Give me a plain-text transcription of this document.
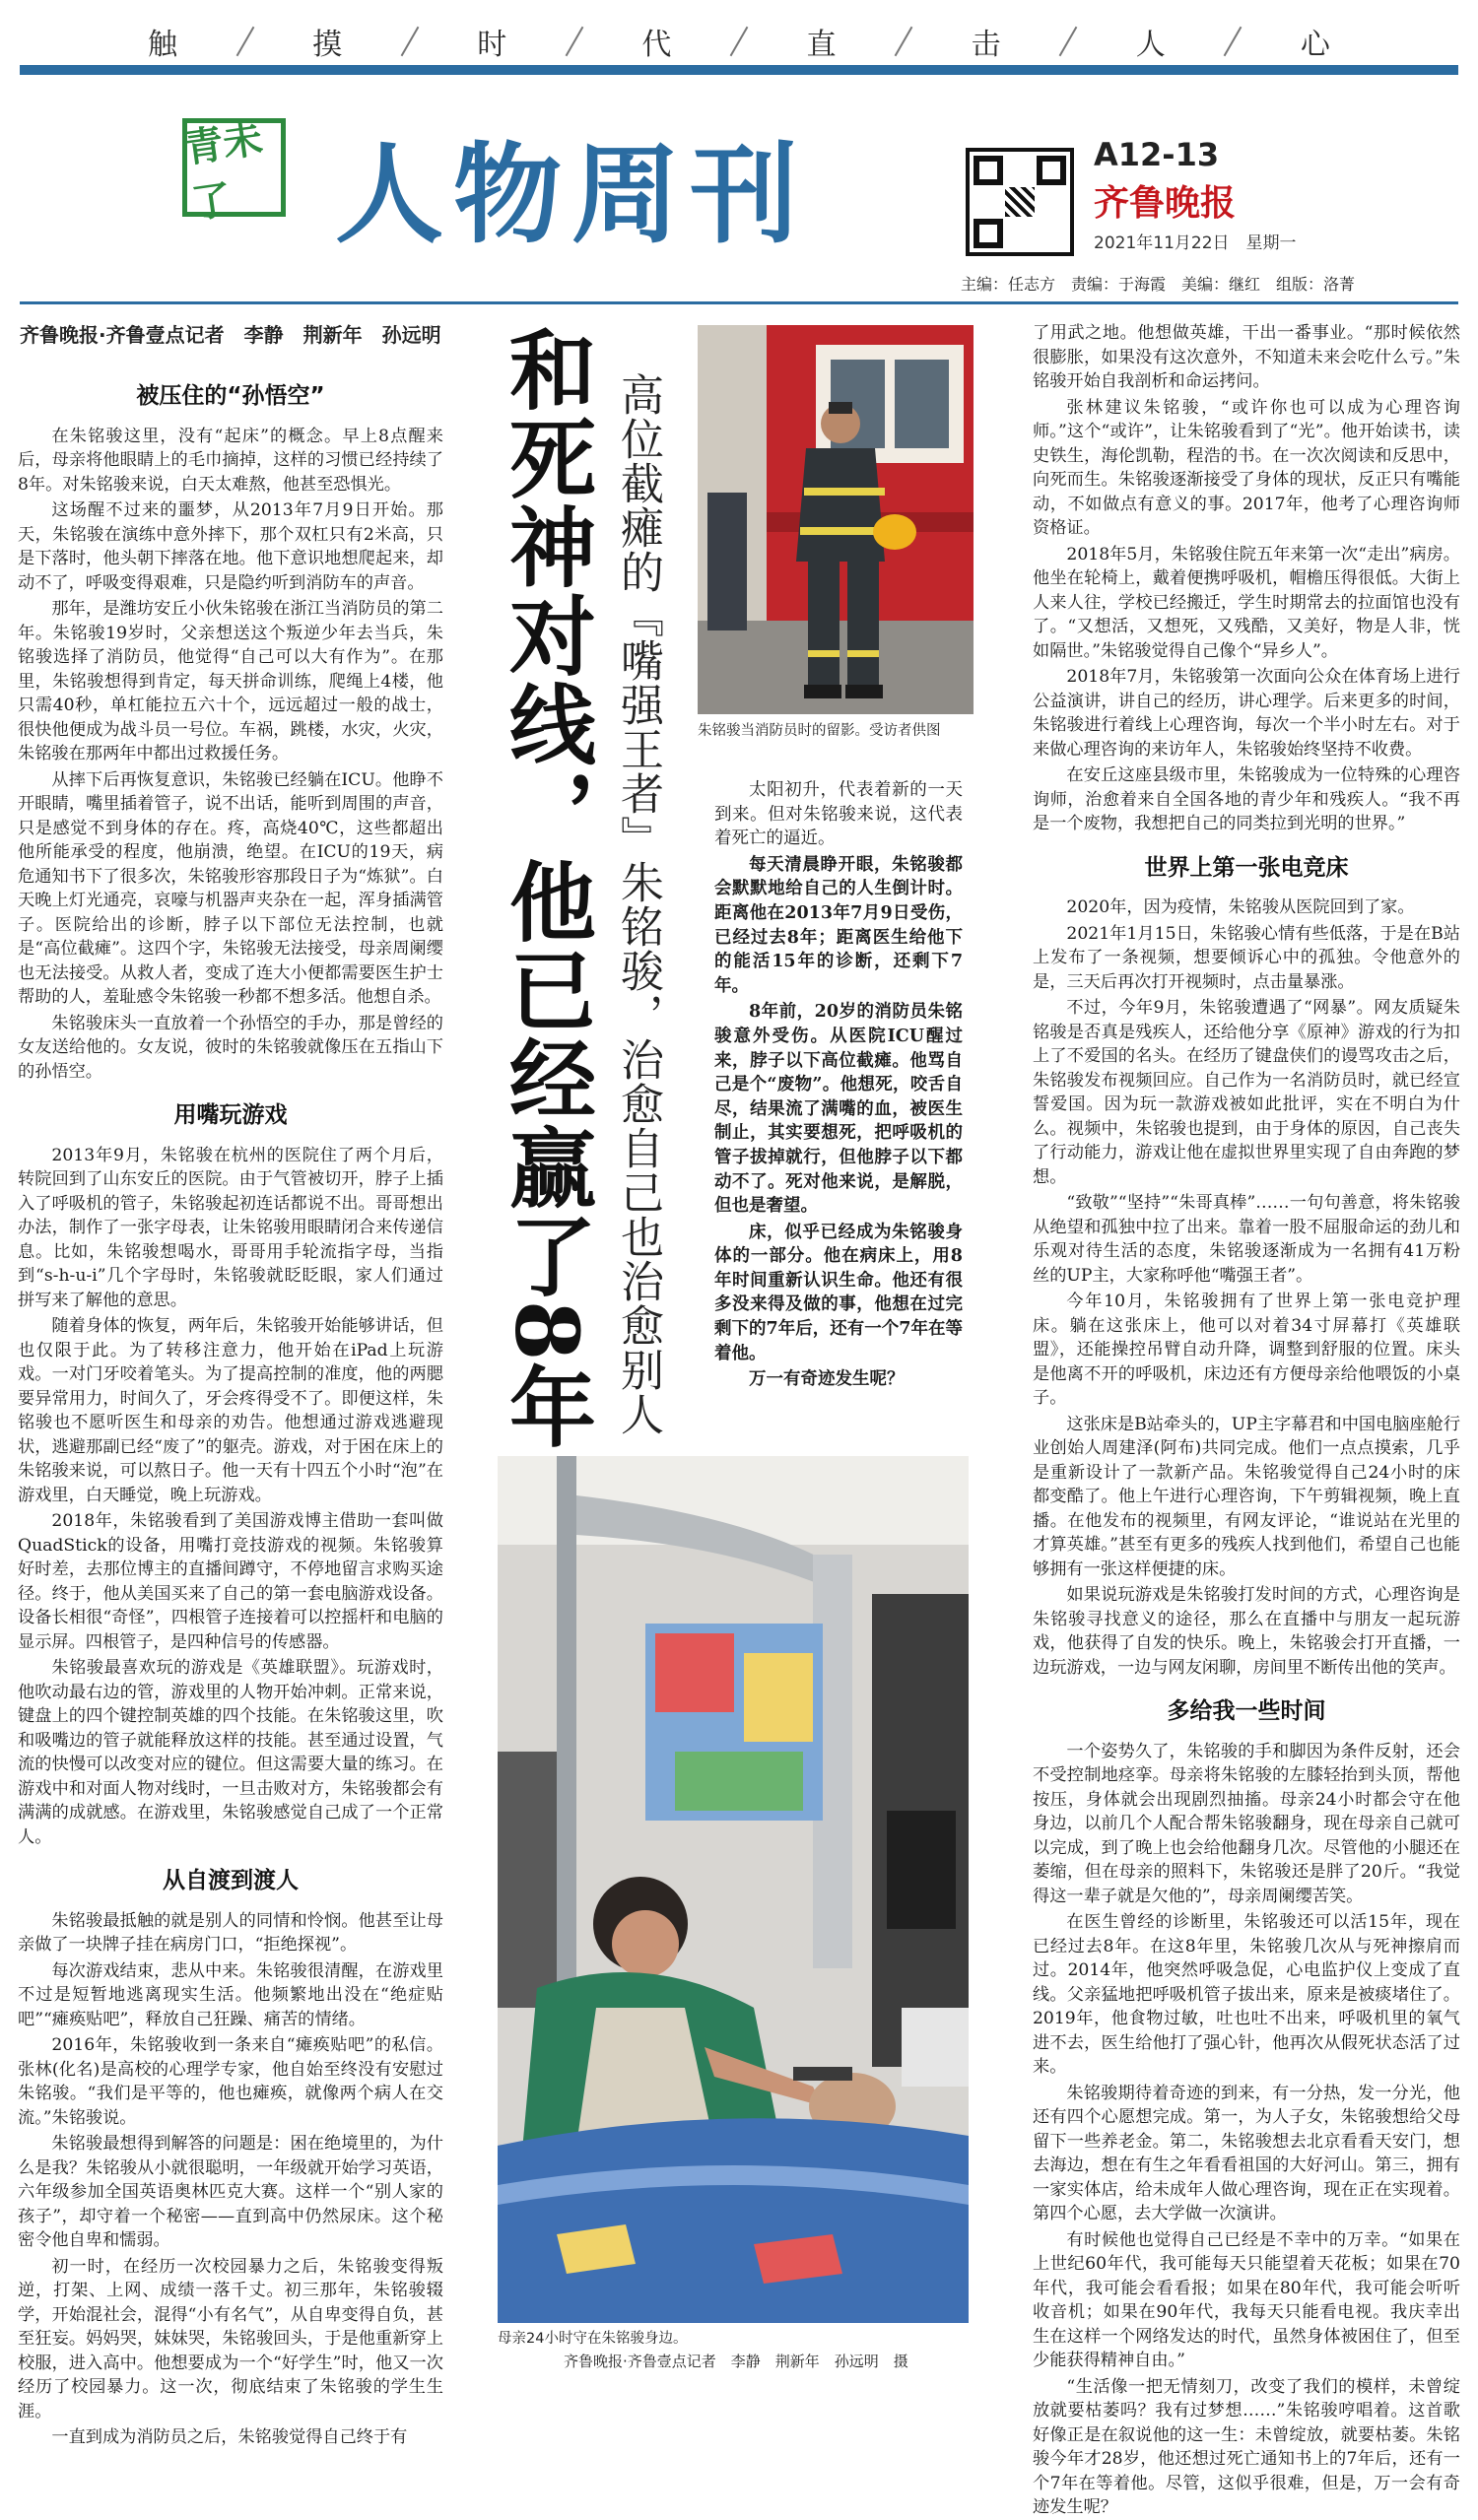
触	摸	时	代	直	击	人	心
青未了 人物周刊	A12-13
齐鲁晚报
2021年11月22日　星期一
主编：任志方　责编：于海霞　美编：继红　组版：洛菁
齐鲁晚报·齐鲁壹点记者　李静　荆新年　孙远明 和死神对线，他已经赢了8年 高位截瘫的『嘴强王者』朱铭骏，治愈自己也治愈别人 朱铭骏当消防员时的留影。受访者供图

太阳初升，代表着新的一天到来。但对朱铭骏来说，这代表着死亡的逼近。

每天清晨睁开眼，朱铭骏都会默默地给自己的人生倒计时。距离他在2013年7月9日受伤，已经过去8年；距离医生给他下的能活15年的诊断，还剩下7年。

8年前，20岁的消防员朱铭骏意外受伤。从医院ICU醒过来，脖子以下高位截瘫。他骂自己是个“废物”。他想死，咬舌自尽，结果流了满嘴的血，被医生制止，其实要想死，把呼吸机的管子拔掉就行，但他脖子以下都动不了。死对他来说，是解脱，但也是奢望。

床，似乎已经成为朱铭骏身体的一部分。他在病床上，用8年时间重新认识生命。他还有很多没来得及做的事，他想在过完剩下的7年后，还有一个7年在等着他。

万一有奇迹发生呢？

母亲24小时守在朱铭骏身边。
齐鲁晚报·齐鲁壹点记者　李静　荆新年　孙远明　摄
被压住的“孙悟空”

在朱铭骏这里，没有“起床”的概念。早上8点醒来后，母亲将他眼睛上的毛巾摘掉，这样的习惯已经持续了8年。对朱铭骏来说，白天太难熬，他甚至恐惧光。

这场醒不过来的噩梦，从2013年7月9日开始。那天，朱铭骏在演练中意外摔下，那个双杠只有2米高，只是下落时，他头朝下摔落在地。他下意识地想爬起来，却动不了，呼吸变得艰难，只是隐约听到消防车的声音。

那年，是潍坊安丘小伙朱铭骏在浙江当消防员的第二年。朱铭骏19岁时，父亲想送这个叛逆少年去当兵，朱铭骏选择了消防员，他觉得“自己可以大有作为”。在那里，朱铭骏想得到肯定，每天拼命训练，爬绳上4楼，他只需40秒，单杠能拉五六十个，远远超过一般的战士，很快他便成为战斗员一号位。车祸，跳楼，水灾，火灾，朱铭骏在那两年中都出过救援任务。

从摔下后再恢复意识，朱铭骏已经躺在ICU。他睁不开眼睛，嘴里插着管子，说不出话，能听到周围的声音，只是感觉不到身体的存在。疼，高烧40℃，这些都超出他所能承受的程度，他崩溃，绝望。在ICU的19天，病危通知书下了很多次，朱铭骏形容那段日子为“炼狱”。白天晚上灯光通亮，哀嚎与机器声夹杂在一起，浑身插满管子。医院给出的诊断，脖子以下部位无法控制，也就是“高位截瘫”。这四个字，朱铭骏无法接受，母亲周阑缨也无法接受。从救人者，变成了连大小便都需要医生护士帮助的人，羞耻感令朱铭骏一秒都不想多活。他想自杀。

朱铭骏床头一直放着一个孙悟空的手办，那是曾经的女友送给他的。女友说，彼时的朱铭骏就像压在五指山下的孙悟空。

用嘴玩游戏

2013年9月，朱铭骏在杭州的医院住了两个月后，转院回到了山东安丘的医院。由于气管被切开，脖子上插入了呼吸机的管子，朱铭骏起初连话都说不出。哥哥想出办法，制作了一张字母表，让朱铭骏用眼睛闭合来传递信息。比如，朱铭骏想喝水，哥哥用手轮流指字母，当指到“s-h-u-i”几个字母时，朱铭骏就眨眨眼，家人们通过拼写来了解他的意思。

随着身体的恢复，两年后，朱铭骏开始能够讲话，但也仅限于此。为了转移注意力，他开始在iPad上玩游戏。一对门牙咬着笔头。为了提高控制的准度，他的两腮要异常用力，时间久了，牙会疼得受不了。即便这样，朱铭骏也不愿听医生和母亲的劝告。他想通过游戏逃避现状，逃避那副已经“废了”的躯壳。游戏，对于困在床上的朱铭骏来说，可以熬日子。他一天有十四五个小时“泡”在游戏里，白天睡觉，晚上玩游戏。

2018年，朱铭骏看到了美国游戏博主借助一套叫做QuadStick的设备，用嘴打竞技游戏的视频。朱铭骏算好时差，去那位博主的直播间蹲守，不停地留言求购买途径。终于，他从美国买来了自己的第一套电脑游戏设备。设备长相很“奇怪”，四根管子连接着可以控摇杆和电脑的显示屏。四根管子，是四种信号的传感器。

朱铭骏最喜欢玩的游戏是《英雄联盟》。玩游戏时，他吹动最右边的管，游戏里的人物开始冲刺。正常来说，键盘上的四个键控制英雄的四个技能。在朱铭骏这里，吹和吸嘴边的管子就能释放这样的技能。甚至通过设置，气流的快慢可以改变对应的键位。但这需要大量的练习。在游戏中和对面人物对线时，一旦击败对方，朱铭骏都会有满满的成就感。在游戏里，朱铭骏感觉自己成了一个正常人。

从自渡到渡人

朱铭骏最抵触的就是别人的同情和怜悯。他甚至让母亲做了一块牌子挂在病房门口，“拒绝探视”。

每次游戏结束，悲从中来。朱铭骏很清醒，在游戏里不过是短暂地逃离现实生活。他频繁地出没在“绝症贴吧”“瘫痪贴吧”，释放自己狂躁、痛苦的情绪。

2016年，朱铭骏收到一条来自“瘫痪贴吧”的私信。张林(化名)是高校的心理学专家，他自始至终没有安慰过朱铭骏。“我们是平等的，他也瘫痪，就像两个病人在交流。”朱铭骏说。

朱铭骏最想得到解答的问题是：困在绝境里的，为什么是我？朱铭骏从小就很聪明，一年级就开始学习英语，六年级参加全国英语奥林匹克大赛。这样一个“别人家的孩子”，却守着一个秘密——直到高中仍然尿床。这个秘密令他自卑和懦弱。

初一时，在经历一次校园暴力之后，朱铭骏变得叛逆，打架、上网、成绩一落千丈。初三那年，朱铭骏辍学，开始混社会，混得“小有名气”，从自卑变得自负，甚至狂妄。妈妈哭，妹妹哭，朱铭骏回头，于是他重新穿上校服，进入高中。他想要成为一个“好学生”时，他又一次经历了校园暴力。这一次，彻底结束了朱铭骏的学生生涯。

一直到成为消防员之后，朱铭骏觉得自己终于有

了用武之地。他想做英雄，干出一番事业。“那时候依然很膨胀，如果没有这次意外，不知道未来会吃什么亏。”朱铭骏开始自我剖析和命运拷问。

张林建议朱铭骏，“或许你也可以成为心理咨询师。”这个“或许”，让朱铭骏看到了“光”。他开始读书，读史铁生，海伦凯勒，程浩的书。在一次次阅读和反思中，向死而生。朱铭骏逐渐接受了身体的现状，反正只有嘴能动，不如做点有意义的事。2017年，他考了心理咨询师资格证。

2018年5月，朱铭骏住院五年来第一次“走出”病房。他坐在轮椅上，戴着便携呼吸机，帽檐压得很低。大街上人来人往，学校已经搬迁，学生时期常去的拉面馆也没有了。“又想活，又想死，又残酷，又美好，物是人非，恍如隔世。”朱铭骏觉得自己像个“异乡人”。

2018年7月，朱铭骏第一次面向公众在体育场上进行公益演讲，讲自己的经历，讲心理学。后来更多的时间，朱铭骏进行着线上心理咨询，每次一个半小时左右。对于来做心理咨询的来访年人，朱铭骏始终坚持不收费。

在安丘这座县级市里，朱铭骏成为一位特殊的心理咨询师，治愈着来自全国各地的青少年和残疾人。“我不再是一个废物，我想把自己的同类拉到光明的世界。”

世界上第一张电竞床

2020年，因为疫情，朱铭骏从医院回到了家。

2021年1月15日，朱铭骏心情有些低落，于是在B站上发布了一条视频，想要倾诉心中的孤独。令他意外的是，三天后再次打开视频时，点击量暴涨。

不过，今年9月，朱铭骏遭遇了“网暴”。网友质疑朱铭骏是否真是残疾人，还给他分享《原神》游戏的行为扣上了不爱国的名头。在经历了键盘侠们的谩骂攻击之后，朱铭骏发布视频回应。自己作为一名消防员时，就已经宣誓爱国。因为玩一款游戏被如此批评，实在不明白为什么。视频中，朱铭骏也提到，由于身体的原因，自己丧失了行动能力，游戏让他在虚拟世界里实现了自由奔跑的梦想。

“致敬”“坚持”“朱哥真棒”……一句句善意，将朱铭骏从绝望和孤独中拉了出来。靠着一股不屈服命运的劲儿和乐观对待生活的态度，朱铭骏逐渐成为一名拥有41万粉丝的UP主，大家称呼他“嘴强王者”。

今年10月，朱铭骏拥有了世界上第一张电竞护理床。躺在这张床上，他可以对着34寸屏幕打《英雄联盟》，还能操控吊臂自动升降，调整到舒服的位置。床头是他离不开的呼吸机，床边还有方便母亲给他喂饭的小桌子。

这张床是B站牵头的，UP主字幕君和中国电脑座舱行业创始人周建泽(阿布)共同完成。他们一点点摸索，几乎是重新设计了一款新产品。朱铭骏觉得自己24小时的床都变酷了。他上午进行心理咨询，下午剪辑视频，晚上直播。在他发布的视频里，有网友评论，“谁说站在光里的才算英雄。”甚至有更多的残疾人找到他们，希望自己也能够拥有一张这样便捷的床。

如果说玩游戏是朱铭骏打发时间的方式，心理咨询是朱铭骏寻找意义的途径，那么在直播中与朋友一起玩游戏，他获得了自发的快乐。晚上，朱铭骏会打开直播，一边玩游戏，一边与网友闲聊，房间里不断传出他的笑声。

多给我一些时间

一个姿势久了，朱铭骏的手和脚因为条件反射，还会不受控制地痉挛。母亲将朱铭骏的左膝轻抬到头顶，帮他按压，身体就会出现剧烈抽搐。母亲24小时都会守在他身边，以前几个人配合帮朱铭骏翻身，现在母亲自己就可以完成，到了晚上也会给他翻身几次。尽管他的小腿还在萎缩，但在母亲的照料下，朱铭骏还是胖了20斤。“我觉得这一辈子就是欠他的”，母亲周阑缨苦笑。

在医生曾经的诊断里，朱铭骏还可以活15年，现在已经过去8年。在这8年里，朱铭骏几次从与死神擦肩而过。2014年，他突然呼吸急促，心电监护仪上变成了直线。父亲猛地把呼吸机管子拔出来，原来是被痰堵住了。2019年，他食物过敏，吐也吐不出来，呼吸机里的氧气进不去，医生给他打了强心针，他再次从假死状态活了过来。

朱铭骏期待着奇迹的到来，有一分热，发一分光，他还有四个心愿想完成。第一，为人子女，朱铭骏想给父母留下一些养老金。第二，朱铭骏想去北京看看天安门，想去海边，想在有生之年看看祖国的大好河山。第三，拥有一家实体店，给未成年人做心理咨询，现在正在实现着。第四个心愿，去大学做一次演讲。

有时候他也觉得自己已经是不幸中的万幸。“如果在上世纪60年代，我可能每天只能望着天花板；如果在70年代，我可能会看看报；如果在80年代，我可能会听听收音机；如果在90年代，我每天只能看电视。我庆幸出生在这样一个网络发达的时代，虽然身体被困住了，但至少能获得精神自由。”

“生活像一把无情刻刀，改变了我们的模样，未曾绽放就要枯萎吗？我有过梦想……”朱铭骏哼唱着。这首歌好像正是在叙说他的这一生：未曾绽放，就要枯萎。朱铭骏今年才28岁，他还想过死亡通知书上的7年后，还有一个7年在等着他。尽管，这似乎很难，但是，万一会有奇迹发生呢？
